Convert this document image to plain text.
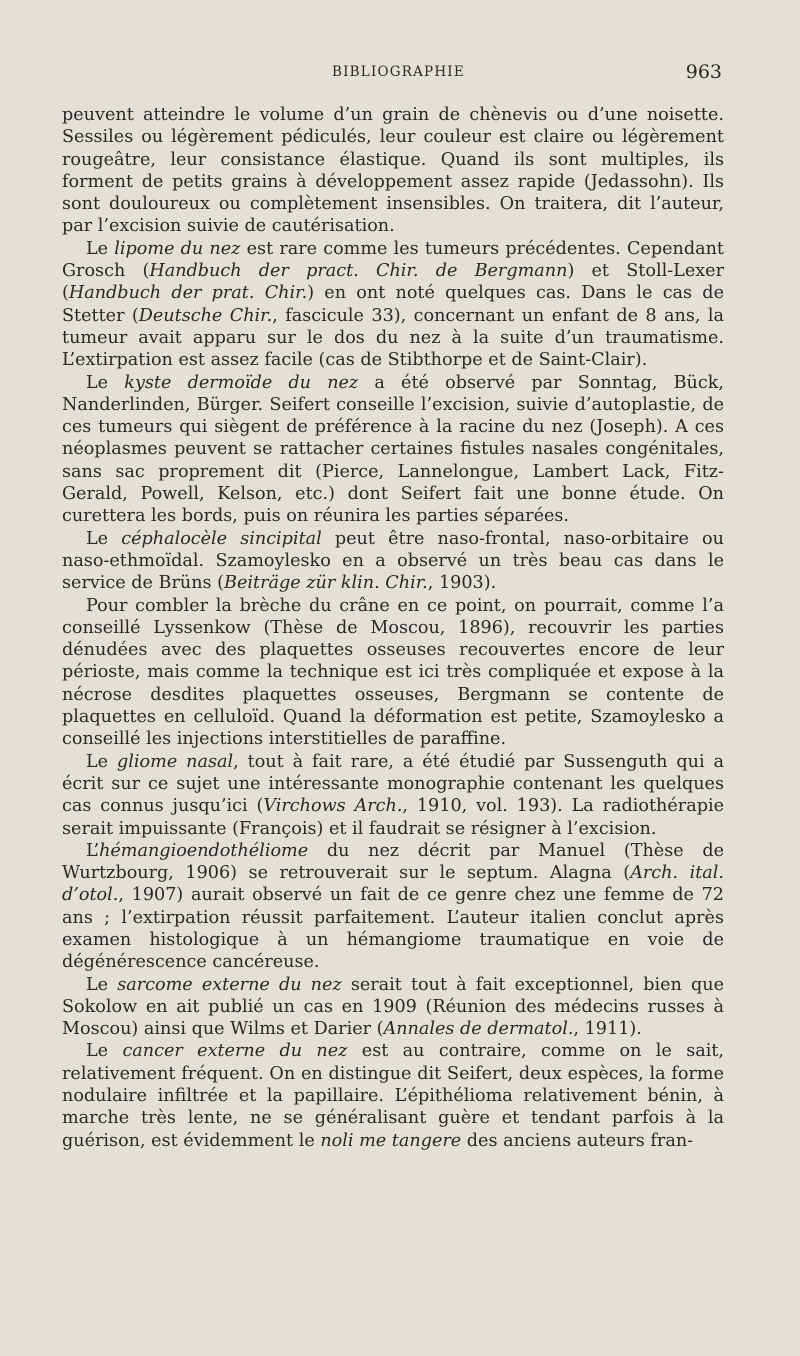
BIBLIOGRAPHIE	963

peuvent atteindre le volume d’un grain de chènevis ou d’une noisette. Sessiles ou légèrement pédiculés, leur couleur est claire ou légèrement rougeâtre, leur consistance élastique. Quand ils sont multiples, ils forment de petits grains à développement assez rapide (Jedassohn). Ils sont douloureux ou complètement insensibles. On traitera, dit l’auteur, par l’excision suivie de cautérisation.

Le lipome du nez est rare comme les tumeurs précédentes. Cependant Grosch (Handbuch der pract. Chir. de Bergmann) et Stoll-Lexer (Handbuch der prat. Chir.) en ont noté quelques cas. Dans le cas de Stetter (Deutsche Chir., fascicule 33), concernant un enfant de 8 ans, la tumeur avait apparu sur le dos du nez à la suite d’un traumatisme. L’extirpation est assez facile (cas de Stibthorpe et de Saint-Clair).

Le kyste dermoïde du nez a été observé par Sonntag, Bück, Nanderlinden, Bürger. Seifert conseille l’excision, suivie d’autoplastie, de ces tumeurs qui siègent de préférence à la racine du nez (Joseph). A ces néoplasmes peuvent se rattacher certaines fistules nasales congénitales, sans sac proprement dit (Pierce, Lannelongue, Lambert Lack, Fitz-Gerald, Powell, Kelson, etc.) dont Seifert fait une bonne étude. On curettera les bords, puis on réunira les parties séparées.

Le céphalocèle sincipital peut être naso-frontal, naso-orbitaire ou naso-ethmoïdal. Szamoylesko en a observé un très beau cas dans le service de Brüns (Beiträge zür klin. Chir., 1903).

Pour combler la brèche du crâne en ce point, on pourrait, comme l’a conseillé Lyssenkow (Thèse de Moscou, 1896), recouvrir les parties dénudées avec des plaquettes osseuses recouvertes encore de leur périoste, mais comme la technique est ici très compliquée et expose à la nécrose desdites plaquettes osseuses, Bergmann se contente de plaquettes en celluloïd. Quand la déformation est petite, Szamoylesko a conseillé les injections interstitielles de paraffine.

Le gliome nasal, tout à fait rare, a été étudié par Sussenguth qui a écrit sur ce sujet une intéressante monographie contenant les quelques cas connus jusqu’ici (Virchows Arch., 1910, vol. 193). La radiothérapie serait impuissante (François) et il faudrait se résigner à l’excision.

L’hémangioendothéliome du nez décrit par Manuel (Thèse de Wurtzbourg, 1906) se retrouverait sur le septum. Alagna (Arch. ital. d’otol., 1907) aurait observé un fait de ce genre chez une femme de 72 ans ; l’extirpation réussit parfaitement. L’auteur italien conclut après examen histologique à un hémangiome traumatique en voie de dégénérescence cancéreuse.

Le sarcome externe du nez serait tout à fait exceptionnel, bien que Sokolow en ait publié un cas en 1909 (Réunion des médecins russes à Moscou) ainsi que Wilms et Darier (Annales de dermatol., 1911).

Le cancer externe du nez est au contraire, comme on le sait, relativement fréquent. On en distingue dit Seifert, deux espèces, la forme nodulaire infiltrée et la papillaire. L’épithélioma relativement bénin, à marche très lente, ne se généralisant guère et tendant parfois à la guérison, est évidemment le noli me tangere des anciens auteurs fran-
